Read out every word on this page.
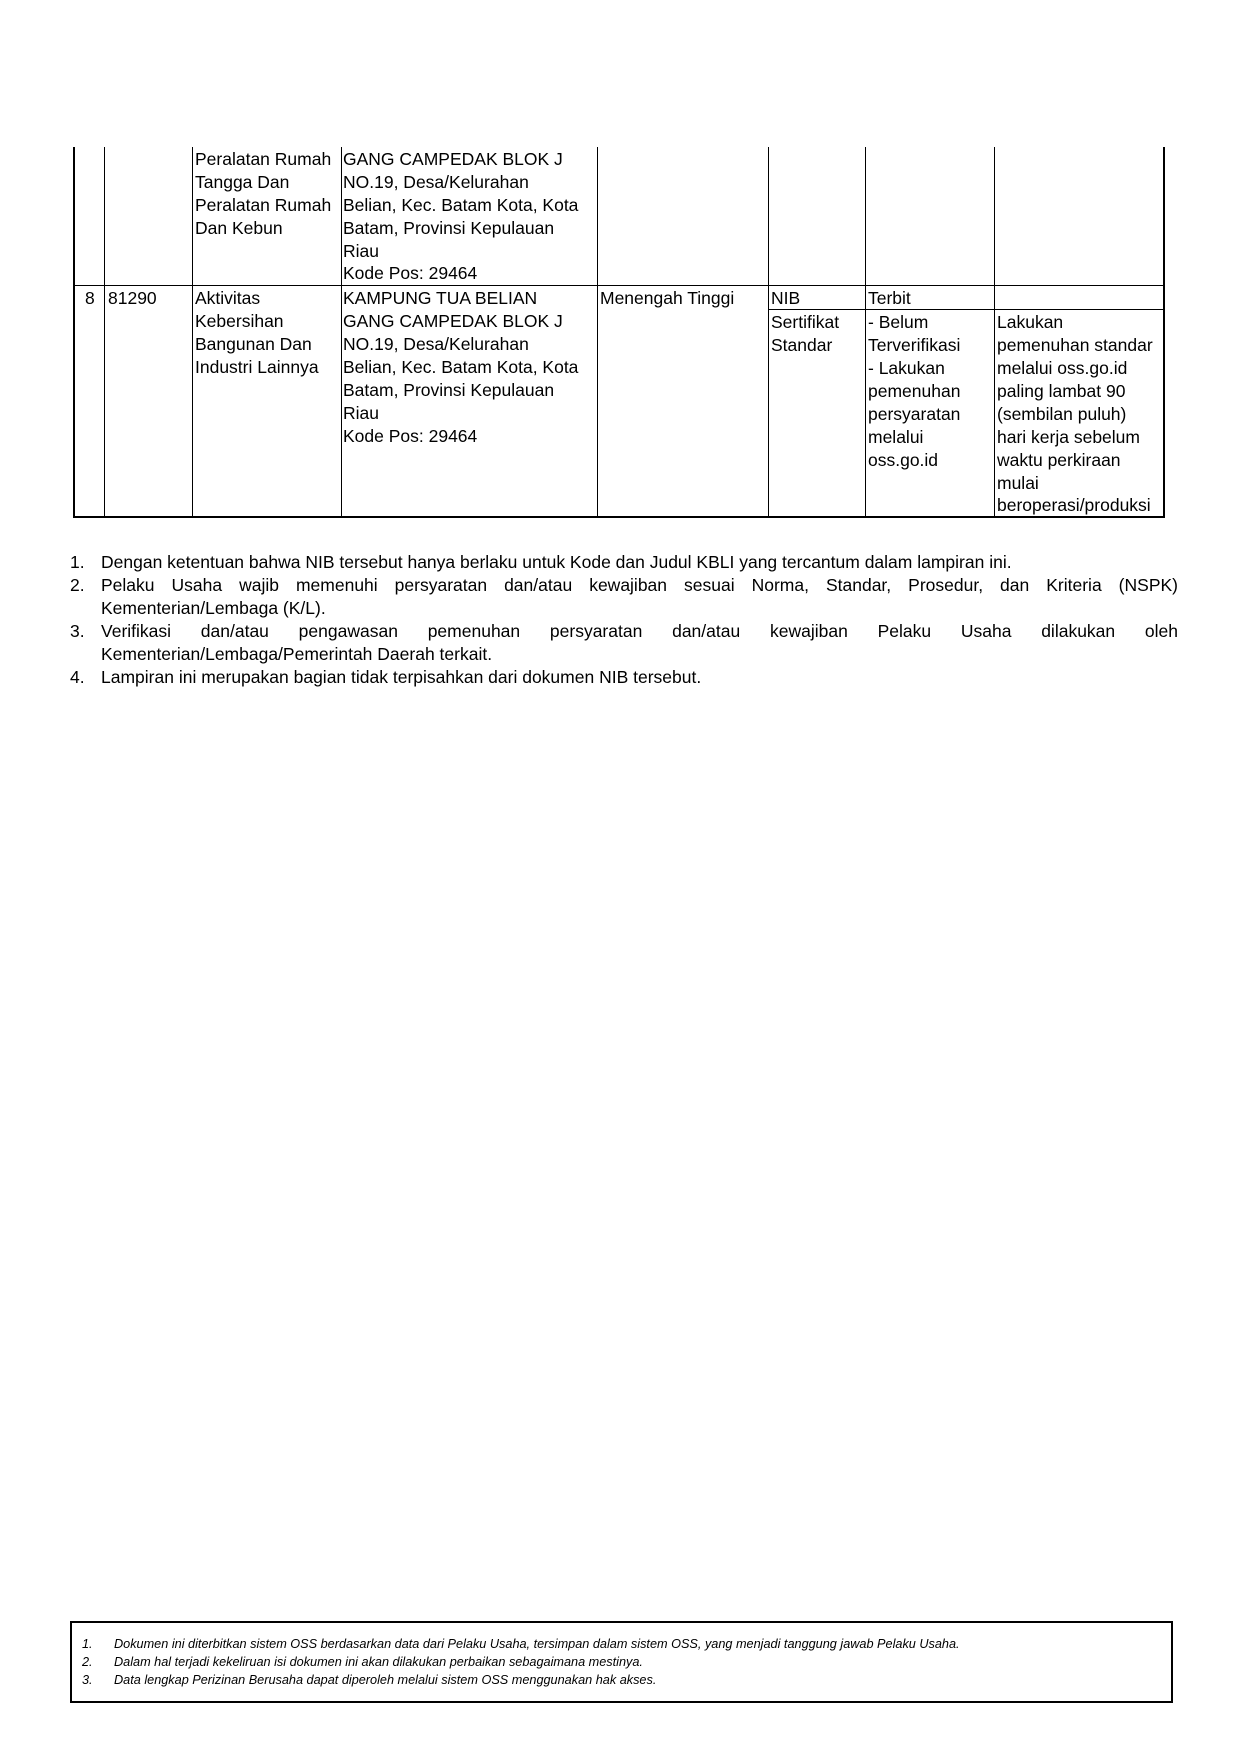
Peralatan Rumah
Tangga Dan
Peralatan Rumah
Dan Kebun
GANG CAMPEDAK BLOK J
NO.19, Desa/Kelurahan
Belian, Kec. Batam Kota, Kota
Batam, Provinsi Kepulauan
Riau
Kode Pos: 29464
8 81290 Aktivitas
Kebersihan
Bangunan Dan
Industri Lainnya
KAMPUNG TUA BELIAN
GANG CAMPEDAK BLOK J
NO.19, Desa/Kelurahan
Belian, Kec. Batam Kota, Kota
Batam, Provinsi Kepulauan
Riau
Kode Pos: 29464
Menengah Tinggi NIB	Terbit
Sertifikat
Standar
- Belum
Terverifikasi
- Lakukan
pemenuhan
persyaratan
melalui
oss.go.id
Lakukan
pemenuhan standar
melalui oss.go.id
paling lambat 90
(sembilan puluh)
hari kerja sebelum
waktu perkiraan
mulai
beroperasi/produksi
1. Dengan ketentuan bahwa NIB tersebut hanya berlaku untuk Kode dan Judul KBLI yang tercantum dalam lampiran ini.
2. Pelaku Usaha wajib memenuhi persyaratan dan/atau kewajiban sesuai Norma, Standar, Prosedur, dan Kriteria (NSPK) Kementerian/Lembaga (K/L).
3. Verifikasi dan/atau pengawasan pemenuhan persyaratan dan/atau kewajiban Pelaku Usaha dilakukan oleh Kementerian/Lembaga/Pemerintah Daerah terkait.
4. Lampiran ini merupakan bagian tidak terpisahkan dari dokumen NIB tersebut.
1. Dokumen ini diterbitkan sistem OSS berdasarkan data dari Pelaku Usaha, tersimpan dalam sistem OSS, yang menjadi tanggung jawab Pelaku Usaha.
2. Dalam hal terjadi kekeliruan isi dokumen ini akan dilakukan perbaikan sebagaimana mestinya.
3. Data lengkap Perizinan Berusaha dapat diperoleh melalui sistem OSS menggunakan hak akses.
